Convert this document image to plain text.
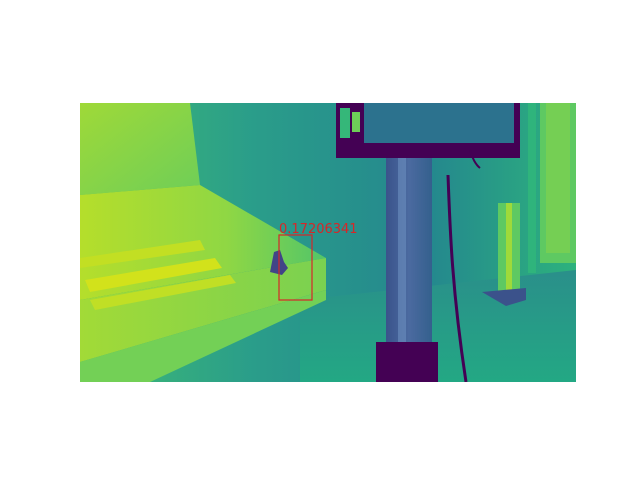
0.17206341
